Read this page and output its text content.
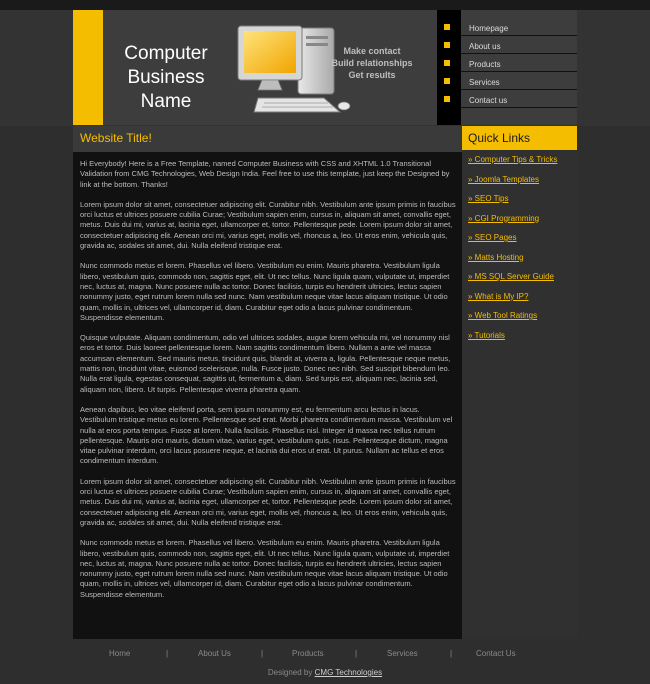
Computer
Business
Name
Make contact
Build relationships
Get results
Homepage
About us
Products
Services
Contact us
Website Title!

Hi Everybody! Here is a Free Template, named Computer Business with CSS and XHTML 1.0 Transitional Validation from CMG Technologies, Web Design India. Feel free to use this template, just keep the Designed by link at the bottom. Thanks!

Lorem ipsum dolor sit amet, consectetuer adipiscing elit. Curabitur nibh. Vestibulum ante ipsum primis in faucibus orci luctus et ultrices posuere cubilia Curae; Vestibulum sapien enim, cursus in, aliquam sit amet, convallis eget, metus. Duis dui mi, varius at, lacinia eget, ullamcorper et, tortor. Pellentesque pede. Lorem ipsum dolor sit amet, consectetuer adipiscing elit. Aenean orci mi, varius eget, mollis vel, rhoncus a, leo. Ut eros enim, vehicula quis, gravida ac, sodales sit amet, dui. Nulla eleifend tristique erat.

Nunc commodo metus et lorem. Phasellus vel libero. Vestibulum eu enim. Mauris pharetra. Vestibulum ligula libero, vestibulum quis, commodo non, sagittis eget, elit. Ut nec tellus. Nunc ligula quam, vulputate ut, imperdiet nec, luctus at, magna. Nunc posuere nulla ac tortor. Donec facilisis, turpis eu hendrerit ultricies, lectus sapien nonummy justo, eget rutrum lorem nulla sed nunc. Nam vestibulum neque vitae lacus aliquam tristique. Ut odio quam, mollis in, ultrices vel, ullamcorper id, diam. Curabitur eget odio a lacus pulvinar condimentum. Suspendisse elementum.

Quisque vulputate. Aliquam condimentum, odio vel ultrices sodales, augue lorem vehicula mi, vel nonummy nisl eros et tortor. Duis laoreet pellentesque lorem. Nam sagittis condimentum libero. Nullam a ante vel massa accumsan elementum. Sed mauris metus, tincidunt quis, blandit at, viverra a, ligula. Pellentesque neque metus, mattis non, tincidunt vitae, euismod scelerisque, nulla. Fusce justo. Donec nec nibh. Sed suscipit bibendum leo. Nulla erat ligula, egestas consequat, sagittis ut, fermentum a, diam. Sed turpis est, aliquam nec, lacinia sed, aliquam non, libero. Ut turpis. Pellentesque viverra pharetra quam.

Aenean dapibus, leo vitae eleifend porta, sem ipsum nonummy est, eu fermentum arcu lectus in lacus. Vestibulum tristique metus eu lorem. Pellentesque sed erat. Morbi pharetra condimentum massa. Vestibulum vel nulla at eros porta tempus. Fusce at lorem. Nulla facilisis. Phasellus nisl. Integer id massa nec tellus rutrum pellentesque. Mauris orci mauris, dictum vitae, varius eget, vestibulum quis, risus. Pellentesque dictum, magna vitae pulvinar interdum, orci lacus posuere neque, et lacinia dui eros ut erat. Ut purus. Nullam ac tellus et eros condimentum interdum.

Lorem ipsum dolor sit amet, consectetuer adipiscing elit. Curabitur nibh. Vestibulum ante ipsum primis in faucibus orci luctus et ultrices posuere cubilia Curae; Vestibulum sapien enim, cursus in, aliquam sit amet, convallis eget, metus. Duis dui mi, varius at, lacinia eget, ullamcorper et, tortor. Pellentesque pede. Lorem ipsum dolor sit amet, consectetuer adipiscing elit. Aenean orci mi, varius eget, mollis vel, rhoncus a, leo. Ut eros enim, vehicula quis, gravida ac, sodales sit amet, dui. Nulla eleifend tristique erat.

Nunc commodo metus et lorem. Phasellus vel libero. Vestibulum eu enim. Mauris pharetra. Vestibulum ligula libero, vestibulum quis, commodo non, sagittis eget, elit. Ut nec tellus. Nunc ligula quam, vulputate ut, imperdiet nec, luctus at, magna. Nunc posuere nulla ac tortor. Donec facilisis, turpis eu hendrerit ultricies, lectus sapien nonummy justo, eget rutrum lorem nulla sed nunc. Nam vestibulum neque vitae lacus aliquam tristique. Ut odio quam, mollis in, ultrices vel, ullamcorper id, diam. Curabitur eget odio a lacus pulvinar condimentum. Suspendisse elementum.

Quick Links
» Computer Tips & Tricks
» Joomla Templates
» SEO Tips
» CGI Programming
» SEO Pages
» Matts Hosting
» MS SQL Server Guide
» What is My IP?
» Web Tool Ratings
» Tutorials
Home	|	About Us	|	Products	|	Services	|	Contact Us
Designed by CMG Technologies
